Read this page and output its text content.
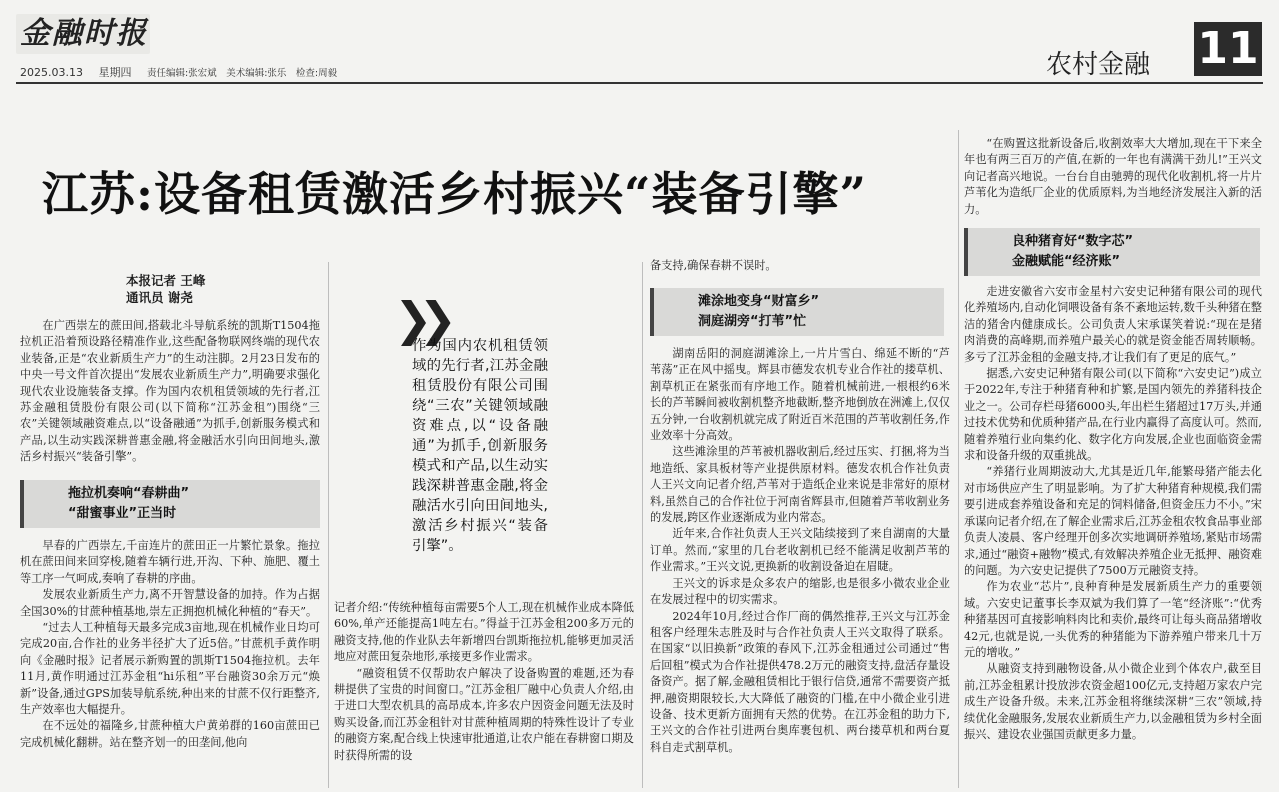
金融时报
2025.03.13 星期四 责任编辑:张宏斌 美术编辑:张乐 检查:周毅	农村金融 11
江苏:设备租赁激活乡村振兴“装备引擎”
本报记者 王峰
通讯员 谢尧

在广西崇左的蔗田间,搭载北斗导航系统的凯斯T1504拖拉机正沿着预设路径精准作业,这些配备物联网终端的现代农业装备,正是“农业新质生产力”的生动注脚。2月23日发布的中央一号文件首次提出“发展农业新质生产力”,明确要求强化现代农业设施装备支撑。作为国内农机租赁领域的先行者,江苏金融租赁股份有限公司(以下简称“江苏金租”)围绕“三农”关键领域融资难点,以“设备融通”为抓手,创新服务模式和产品,以生动实践深耕普惠金融,将金融活水引向田间地头,激活乡村振兴“装备引擎”。

拖拉机奏响“春耕曲”
“甜蜜事业”正当时

早春的广西崇左,千亩连片的蔗田正一片繁忙景象。拖拉机在蔗田间来回穿梭,随着车辆行进,开沟、下种、施肥、覆土等工序一气呵成,奏响了春耕的序曲。

发展农业新质生产力,离不开智慧设备的加持。作为占据全国30%的甘蔗种植基地,崇左正拥抱机械化种植的“春天”。

“过去人工种植每天最多完成3亩地,现在机械作业日均可完成20亩,合作社的业务半径扩大了近5倍。”甘蔗机手黄作明向《金融时报》记者展示新购置的凯斯T1504拖拉机。去年11月,黄作明通过江苏金租“hi乐租”平台融资30余万元“焕新”设备,通过GPS加装导航系统,种出来的甘蔗不仅行距整齐,生产效率也大幅提升。

在不远处的福隆乡,甘蔗种植大户黄弟群的160亩蔗田已完成机械化翻耕。站在整齐划一的田垄间,他向

❯❯
作为国内农机租赁领域的先行者,江苏金融租赁股份有限公司围绕“三农”关键领域融资难点,以“设备融通”为抓手,创新服务模式和产品,以生动实践深耕普惠金融,将金融活水引向田间地头,激活乡村振兴“装备引擎”。

记者介绍:“传统种植每亩需要5个人工,现在机械作业成本降低60%,单产还能提高1吨左右。”得益于江苏金租200多万元的融资支持,他的作业队去年新增四台凯斯拖拉机,能够更加灵活地应对蔗田复杂地形,承接更多作业需求。

“融资租赁不仅帮助农户解决了设备购置的难题,还为春耕提供了宝贵的时间窗口。”江苏金租厂融中心负责人介绍,由于进口大型农机具的高昂成本,许多农户因资金问题无法及时购买设备,而江苏金租针对甘蔗种植周期的特殊性设计了专业的融资方案,配合线上快速审批通道,让农户能在春耕窗口期及时获得所需的设

备支持,确保春耕不误时。
滩涂地变身“财富乡”
洞庭湖旁“打苇”忙

湖南岳阳的洞庭湖滩涂上,一片片雪白、绵延不断的“芦苇荡”正在风中摇曳。辉县市德发农机专业合作社的搂草机、割草机正在紧张而有序地工作。随着机械前进,一根根约6米长的芦苇瞬间被收割机整齐地截断,整齐地倒放在洲滩上,仅仅五分钟,一台收割机就完成了附近百米范围的芦苇收割任务,作业效率十分高效。

这些滩涂里的芦苇被机器收割后,经过压实、打捆,将为当地造纸、家具板材等产业提供原材料。德发农机合作社负责人王兴文向记者介绍,芦苇对于造纸企业来说是非常好的原材料,虽然自己的合作社位于河南省辉县市,但随着芦苇收割业务的发展,跨区作业逐渐成为业内常态。

近年来,合作社负责人王兴文陆续接到了来自湖南的大量订单。然而,“家里的几台老收割机已经不能满足收割芦苇的作业需求。”王兴文说,更换新的收割设备迫在眉睫。

王兴文的诉求是众多农户的缩影,也是很多小微农业企业在发展过程中的切实需求。

2024年10月,经过合作厂商的偶然推荐,王兴文与江苏金租客户经理朱志胜及时与合作社负责人王兴文取得了联系。在国家“以旧换新”政策的春风下,江苏金租通过公司通过“售后回租”模式为合作社提供478.2万元的融资支持,盘活存量设备资产。据了解,金融租赁相比于银行信贷,通常不需要资产抵押,融资期限较长,大大降低了融资的门槛,在中小微企业引进设备、技术更新方面拥有天然的优势。在江苏金租的助力下,王兴文的合作社引进两台奥库裹包机、两台搂草机和两台夏科自走式割草机。

“在购置这批新设备后,收割效率大大增加,现在干下来全年也有两三百万的产值,在新的一年也有满满干劲儿!”王兴文向记者高兴地说。一台台自由驰骋的现代化收割机,将一片片芦苇化为造纸厂企业的优质原料,为当地经济发展注入新的活力。

良种猪育好“数字芯”
金融赋能“经济账”

走进安徽省六安市金星村六安史记种猪有限公司的现代化养殖场内,自动化饲喂设备有条不紊地运转,数千头种猪在整洁的猪舍内健康成长。公司负责人宋承谋笑着说:“现在是猪肉消费的高峰期,而养殖户最关心的就是资金能否周转顺畅。多亏了江苏金租的金融支持,才让我们有了更足的底气。”

据悉,六安史记种猪有限公司(以下简称“六安史记”)成立于2022年,专注于种猪育种和扩繁,是国内领先的养猪科技企业之一。公司存栏母猪6000头,年出栏生猪超过17万头,并通过技术优势和优质种猪产品,在行业内赢得了高度认可。然而,随着养殖行业向集约化、数字化方向发展,企业也面临资金需求和设备升级的双重挑战。

“养猪行业周期波动大,尤其是近几年,能繁母猪产能去化对市场供应产生了明显影响。为了扩大种猪育种规模,我们需要引进成套养殖设备和充足的饲料储备,但资金压力不小。”宋承谋向记者介绍,在了解企业需求后,江苏金租农牧食品事业部负责人凌晨、客户经理开创多次实地调研养殖场,紧贴市场需求,通过“融资+融物”模式,有效解决养殖企业无抵押、融资难的问题。为六安史记提供了7500万元融资支持。

作为农业“芯片”,良种育种是发展新质生产力的重要领域。六安史记董事长李双斌为我们算了一笔“经济账”:“优秀种猪基因可直接影响料肉比和卖价,最终可让每头商品猪增收42元,也就是说,一头优秀的种猪能为下游养殖户带来几十万元的增收。”

从融资支持到融物设备,从小微企业到个体农户,截至目前,江苏金租累计投放涉农资金超100亿元,支持超万家农户完成生产设备升级。未来,江苏金租将继续深耕“三农”领域,持续优化金融服务,发展农业新质生产力,以金融租赁为乡村全面振兴、建设农业强国贡献更多力量。
